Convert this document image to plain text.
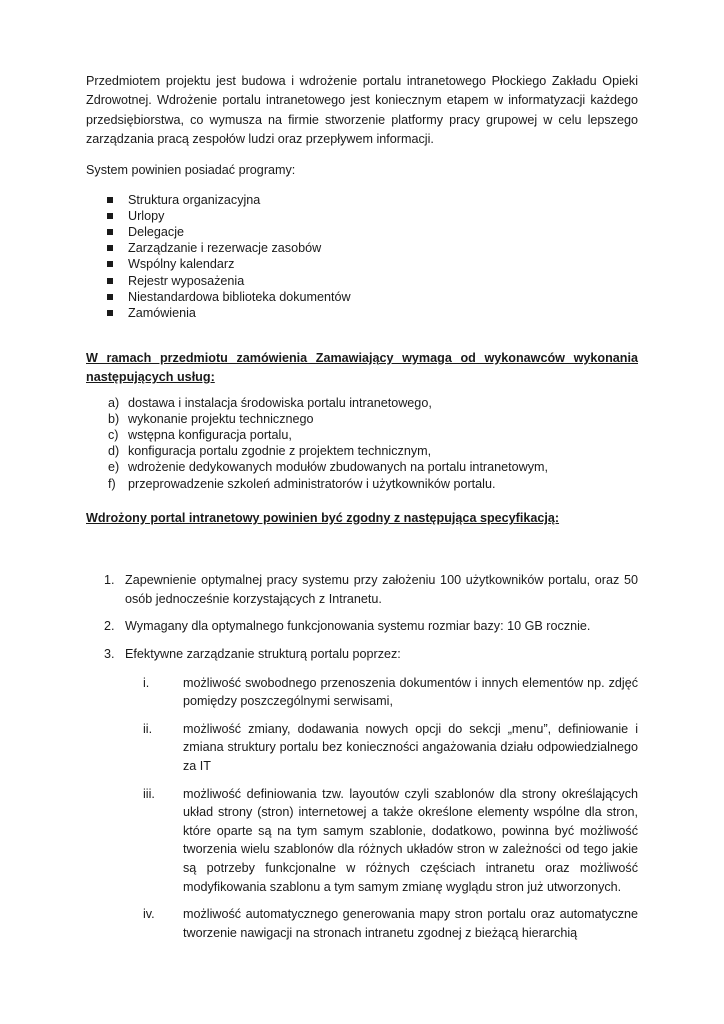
Przedmiotem projektu jest budowa i wdrożenie portalu intranetowego Płockiego Zakładu Opieki Zdrowotnej. Wdrożenie portalu intranetowego jest koniecznym etapem w informatyzacji każdego przedsiębiorstwa, co wymusza na firmie stworzenie platformy pracy grupowej w celu lepszego zarządzania pracą zespołów ludzi oraz przepływem informacji.

System powinien posiadać programy:

Struktura organizacyjna
Urlopy
Delegacje
Zarządzanie i rezerwacje zasobów
Wspólny kalendarz
Rejestr wyposażenia
Niestandardowa biblioteka dokumentów
Zamówienia

W ramach przedmiotu zamówienia Zamawiający wymaga od wykonawców wykonania następujących usług:

a) dostawa i instalacja środowiska portalu intranetowego,
b) wykonanie projektu technicznego
c) wstępna konfiguracja portalu,
d) konfiguracja portalu zgodnie z projektem technicznym,
e) wdrożenie dedykowanych modułów zbudowanych na portalu intranetowym,
f) przeprowadzenie szkoleń administratorów i użytkowników portalu.

Wdrożony portal intranetowy powinien być zgodny z następująca specyfikacją:

1. Zapewnienie optymalnej pracy systemu przy założeniu 100 użytkowników portalu, oraz 50 osób jednocześnie korzystających z Intranetu.
2. Wymagany dla optymalnego funkcjonowania systemu rozmiar bazy: 10 GB rocznie.
3. Efektywne zarządzanie strukturą portalu poprzez:
i.	możliwość swobodnego przenoszenia dokumentów i innych elementów np. zdjęć pomiędzy poszczególnymi serwisami,
ii. możliwość zmiany, dodawania nowych opcji do sekcji „menu”, definiowanie i zmiana struktury portalu bez konieczności angażowania działu odpowiedzialnego za IT
iii. możliwość definiowania tzw. layoutów czyli szablonów dla strony określających układ strony (stron) internetowej a także określone elementy wspólne dla stron, które oparte są na tym samym szablonie, dodatkowo, powinna być możliwość tworzenia wielu szablonów dla różnych układów stron w zależności od tego jakie są potrzeby funkcjonalne w różnych częściach intranetu oraz możliwość modyfikowania szablonu a tym samym zmianę wyglądu stron już utworzonych.
iv. możliwość automatycznego generowania mapy stron portalu oraz automatyczne tworzenie nawigacji na stronach intranetu zgodnej z bieżącą hierarchią
